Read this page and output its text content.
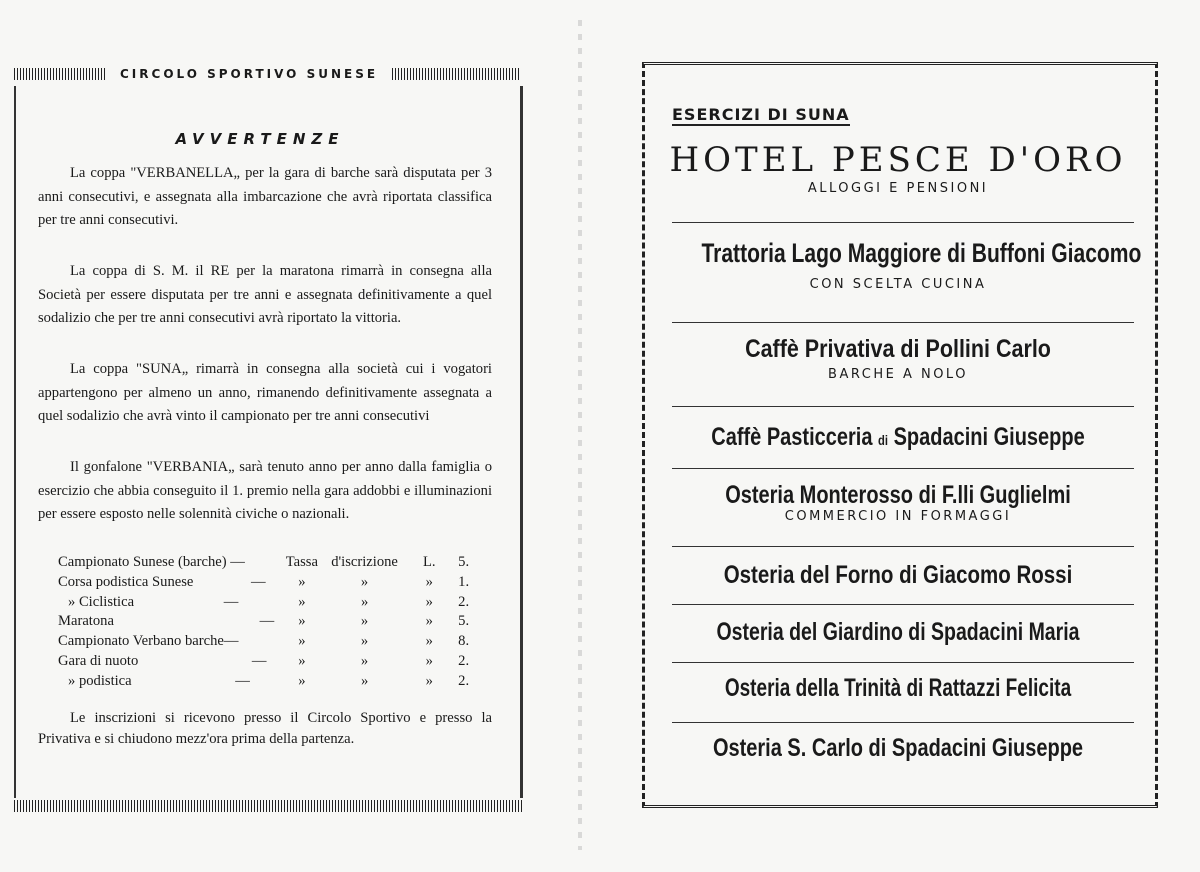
CIRCOLO SPORTIVO SUNESE
AVVERTENZE

La coppa "VERBANELLA„ per la gara di barche sarà disputata per 3 anni consecutivi, e assegnata alla imbarcazione che avrà riportata classifica per tre anni consecutivi.

La coppa di S. M. il RE per la maratona rimarrà in consegna alla Società per essere disputata per tre anni e assegnata definitivamente a quel sodalizio che per tre anni consecutivi avrà riportato la vittoria.

La coppa "SUNA„ rimarrà in consegna alla società cui i vogatori appartengono per almeno un anno, rimanendo definitivamente assegnata a quel sodalizio che avrà vinto il campionato per tre anni consecutivi

Il gonfalone "VERBANIA„ sarà tenuto anno per anno dalla famiglia o esercizio che abbia conseguito il 1. premio nella gara addobbi e illuminazioni per essere esposto nelle solennità civiche o nazionali.

Campionato Sunese (barche) —	Tassa d'iscrizione	L.	5.
Corsa podistica Sunese	—	»	»	»	1.
» Ciclistica	—	»	»	»	2.
Maratona	—	»	»	»	5.
Campionato Verbano barche—	»	»	»	8.
Gara di nuoto	—	»	»	»	2.
» podistica	—	»	»	»	2.

Le inscrizioni si ricevono presso il Circolo Sportivo e presso la Privativa e si chiudono mezz'ora prima della partenza.

ESERCIZI DI SUNA
HOTEL PESCE D'ORO
ALLOGGI E PENSIONI
Trattoria Lago Maggiore di Buffoni Giacomo
CON SCELTA CUCINA
Caffè Privativa di Pollini Carlo
BARCHE A NOLO
Caffè Pasticceria di Spadacini Giuseppe
Osteria Monterosso di F.lli Guglielmi
COMMERCIO IN FORMAGGI
Osteria del Forno di Giacomo Rossi
Osteria del Giardino di Spadacini Maria
Osteria della Trinità di Rattazzi Felicita
Osteria S. Carlo di Spadacini Giuseppe
